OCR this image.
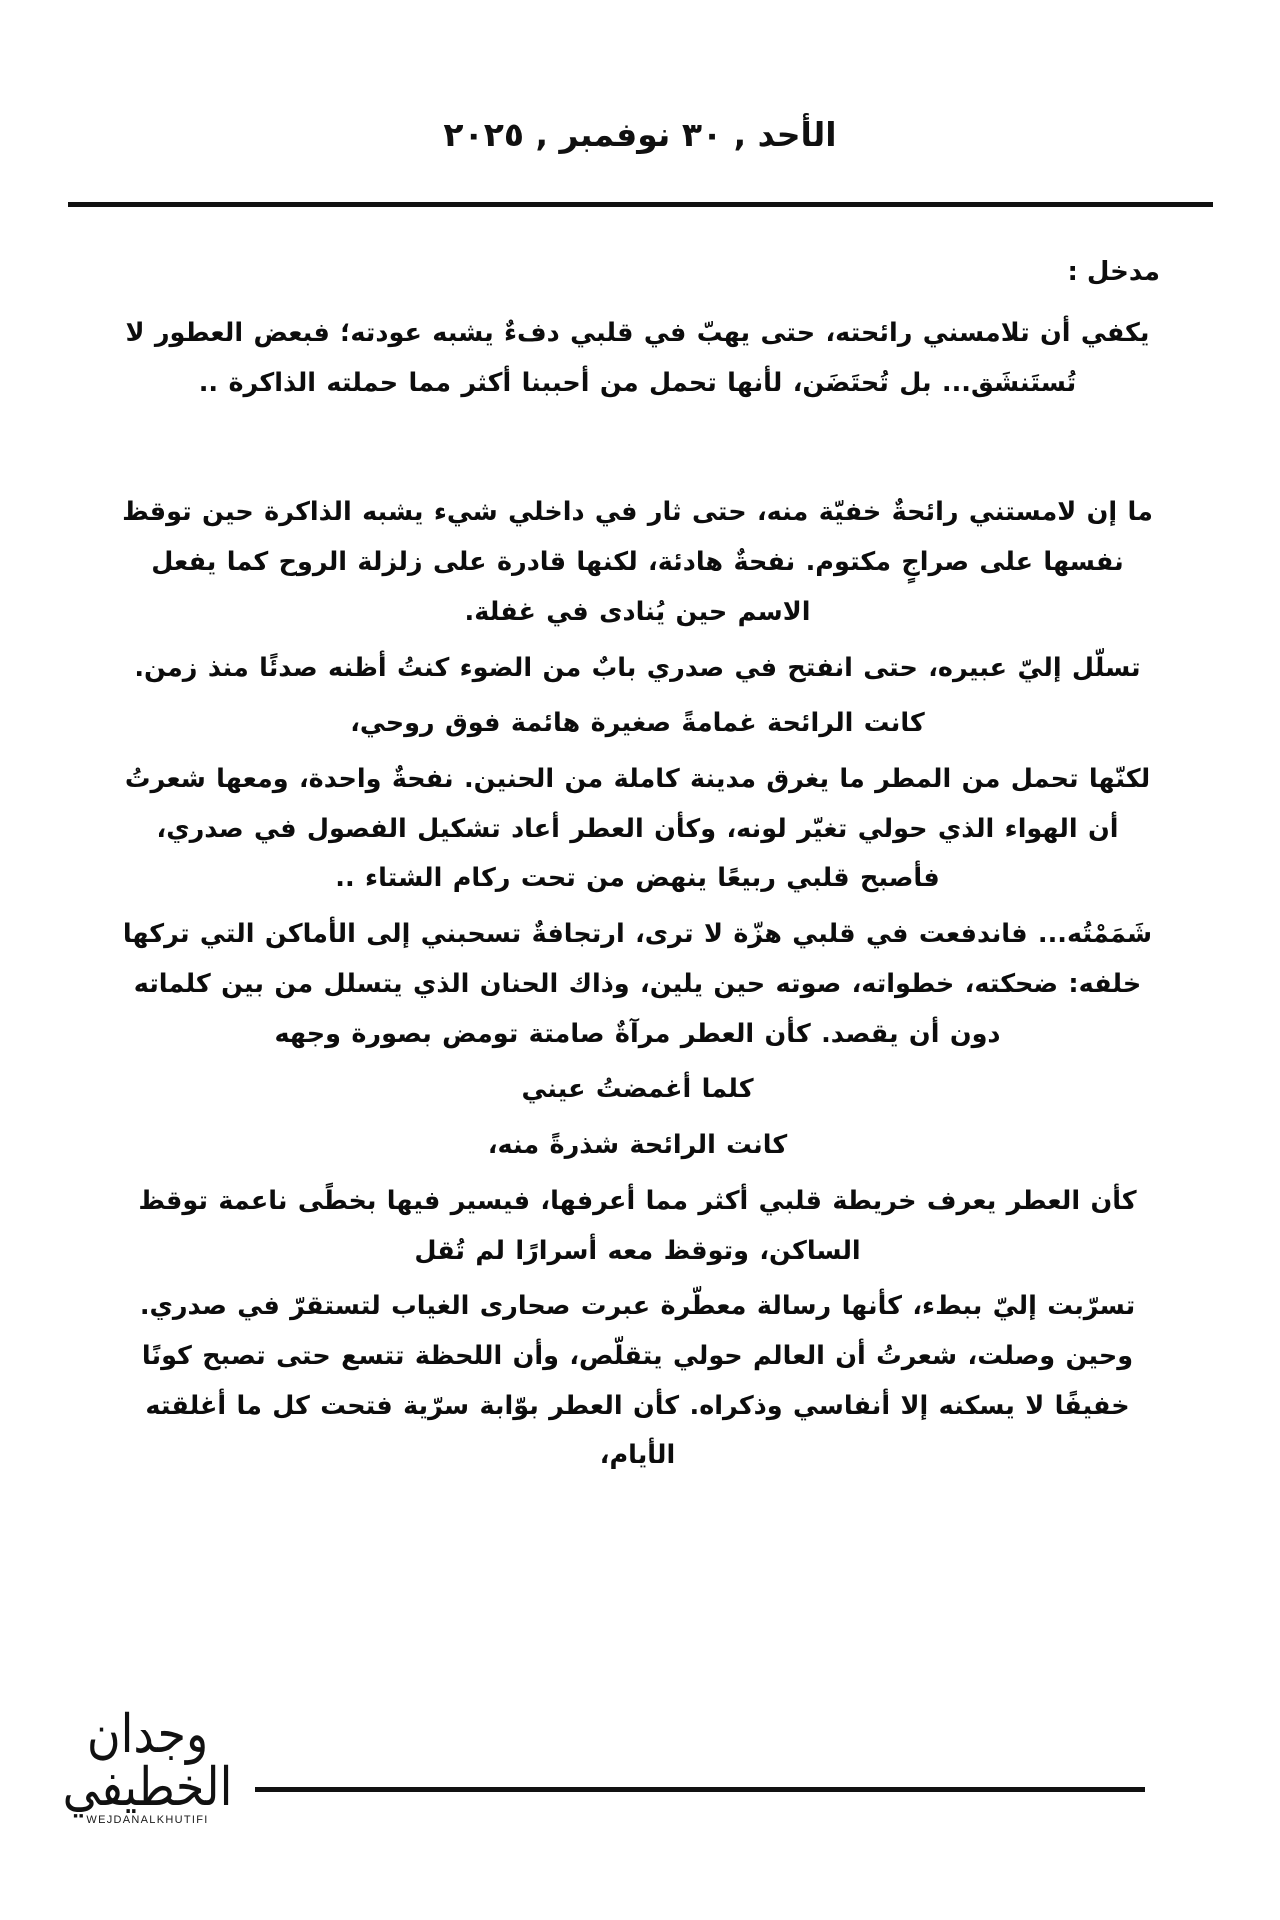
الأحد , ٣٠ نوفمبر , ٢٠٢٥
مدخل :

يكفي أن تلامسني رائحته، حتى يهبّ في قلبي دفءٌ يشبه عودته؛ فبعض العطور لا تُستَنشَق... بل تُحتَضَن، لأنها تحمل من أحببنا أكثر مما حملته الذاكرة ..

ما إن لامستني رائحةٌ خفيّة منه، حتى ثار في داخلي شيء يشبه الذاكرة حين توقظ نفسها على صراجٍ مكتوم. نفحةٌ هادئة، لكنها قادرة على زلزلة الروح كما يفعل الاسم حين يُنادى في غفلة.

تسلّل إليّ عبيره، حتى انفتح في صدري بابٌ من الضوء كنتُ أظنه صدئًا منذ زمن.

كانت الرائحة غمامةً صغيرة هائمة فوق روحي،

لكنّها تحمل من المطر ما يغرق مدينة كاملة من الحنين. نفحةٌ واحدة، ومعها شعرتُ أن الهواء الذي حولي تغيّر لونه، وكأن العطر أعاد تشكيل الفصول في صدري، فأصبح قلبي ربيعًا ينهض من تحت ركام الشتاء ..

شَمَمْتُه... فاندفعت في قلبي هزّة لا ترى، ارتجافةٌ تسحبني إلى الأماكن التي تركها خلفه: ضحكته، خطواته، صوته حين يلين، وذاك الحنان الذي يتسلل من بين كلماته دون أن يقصد. كأن العطر مرآةٌ صامتة تومض بصورة وجهه

كلما أغمضتُ عيني

كانت الرائحة شذرةً منه،

كأن العطر يعرف خريطة قلبي أكثر مما أعرفها، فيسير فيها بخطًى ناعمة توقظ الساكن، وتوقظ معه أسرارًا لم تُقل

تسرّبت إليّ ببطء، كأنها رسالة معطّرة عبرت صحارى الغياب لتستقرّ في صدري. وحين وصلت، شعرتُ أن العالم حولي يتقلّص، وأن اللحظة تتسع حتى تصبح كونًا خفيفًا لا يسكنه إلا أنفاسي وذكراه. كأن العطر بوّابة سرّية فتحت كل ما أغلقته الأيام،

وجدان الخطيفي
WEJDANALKHUTIFI
